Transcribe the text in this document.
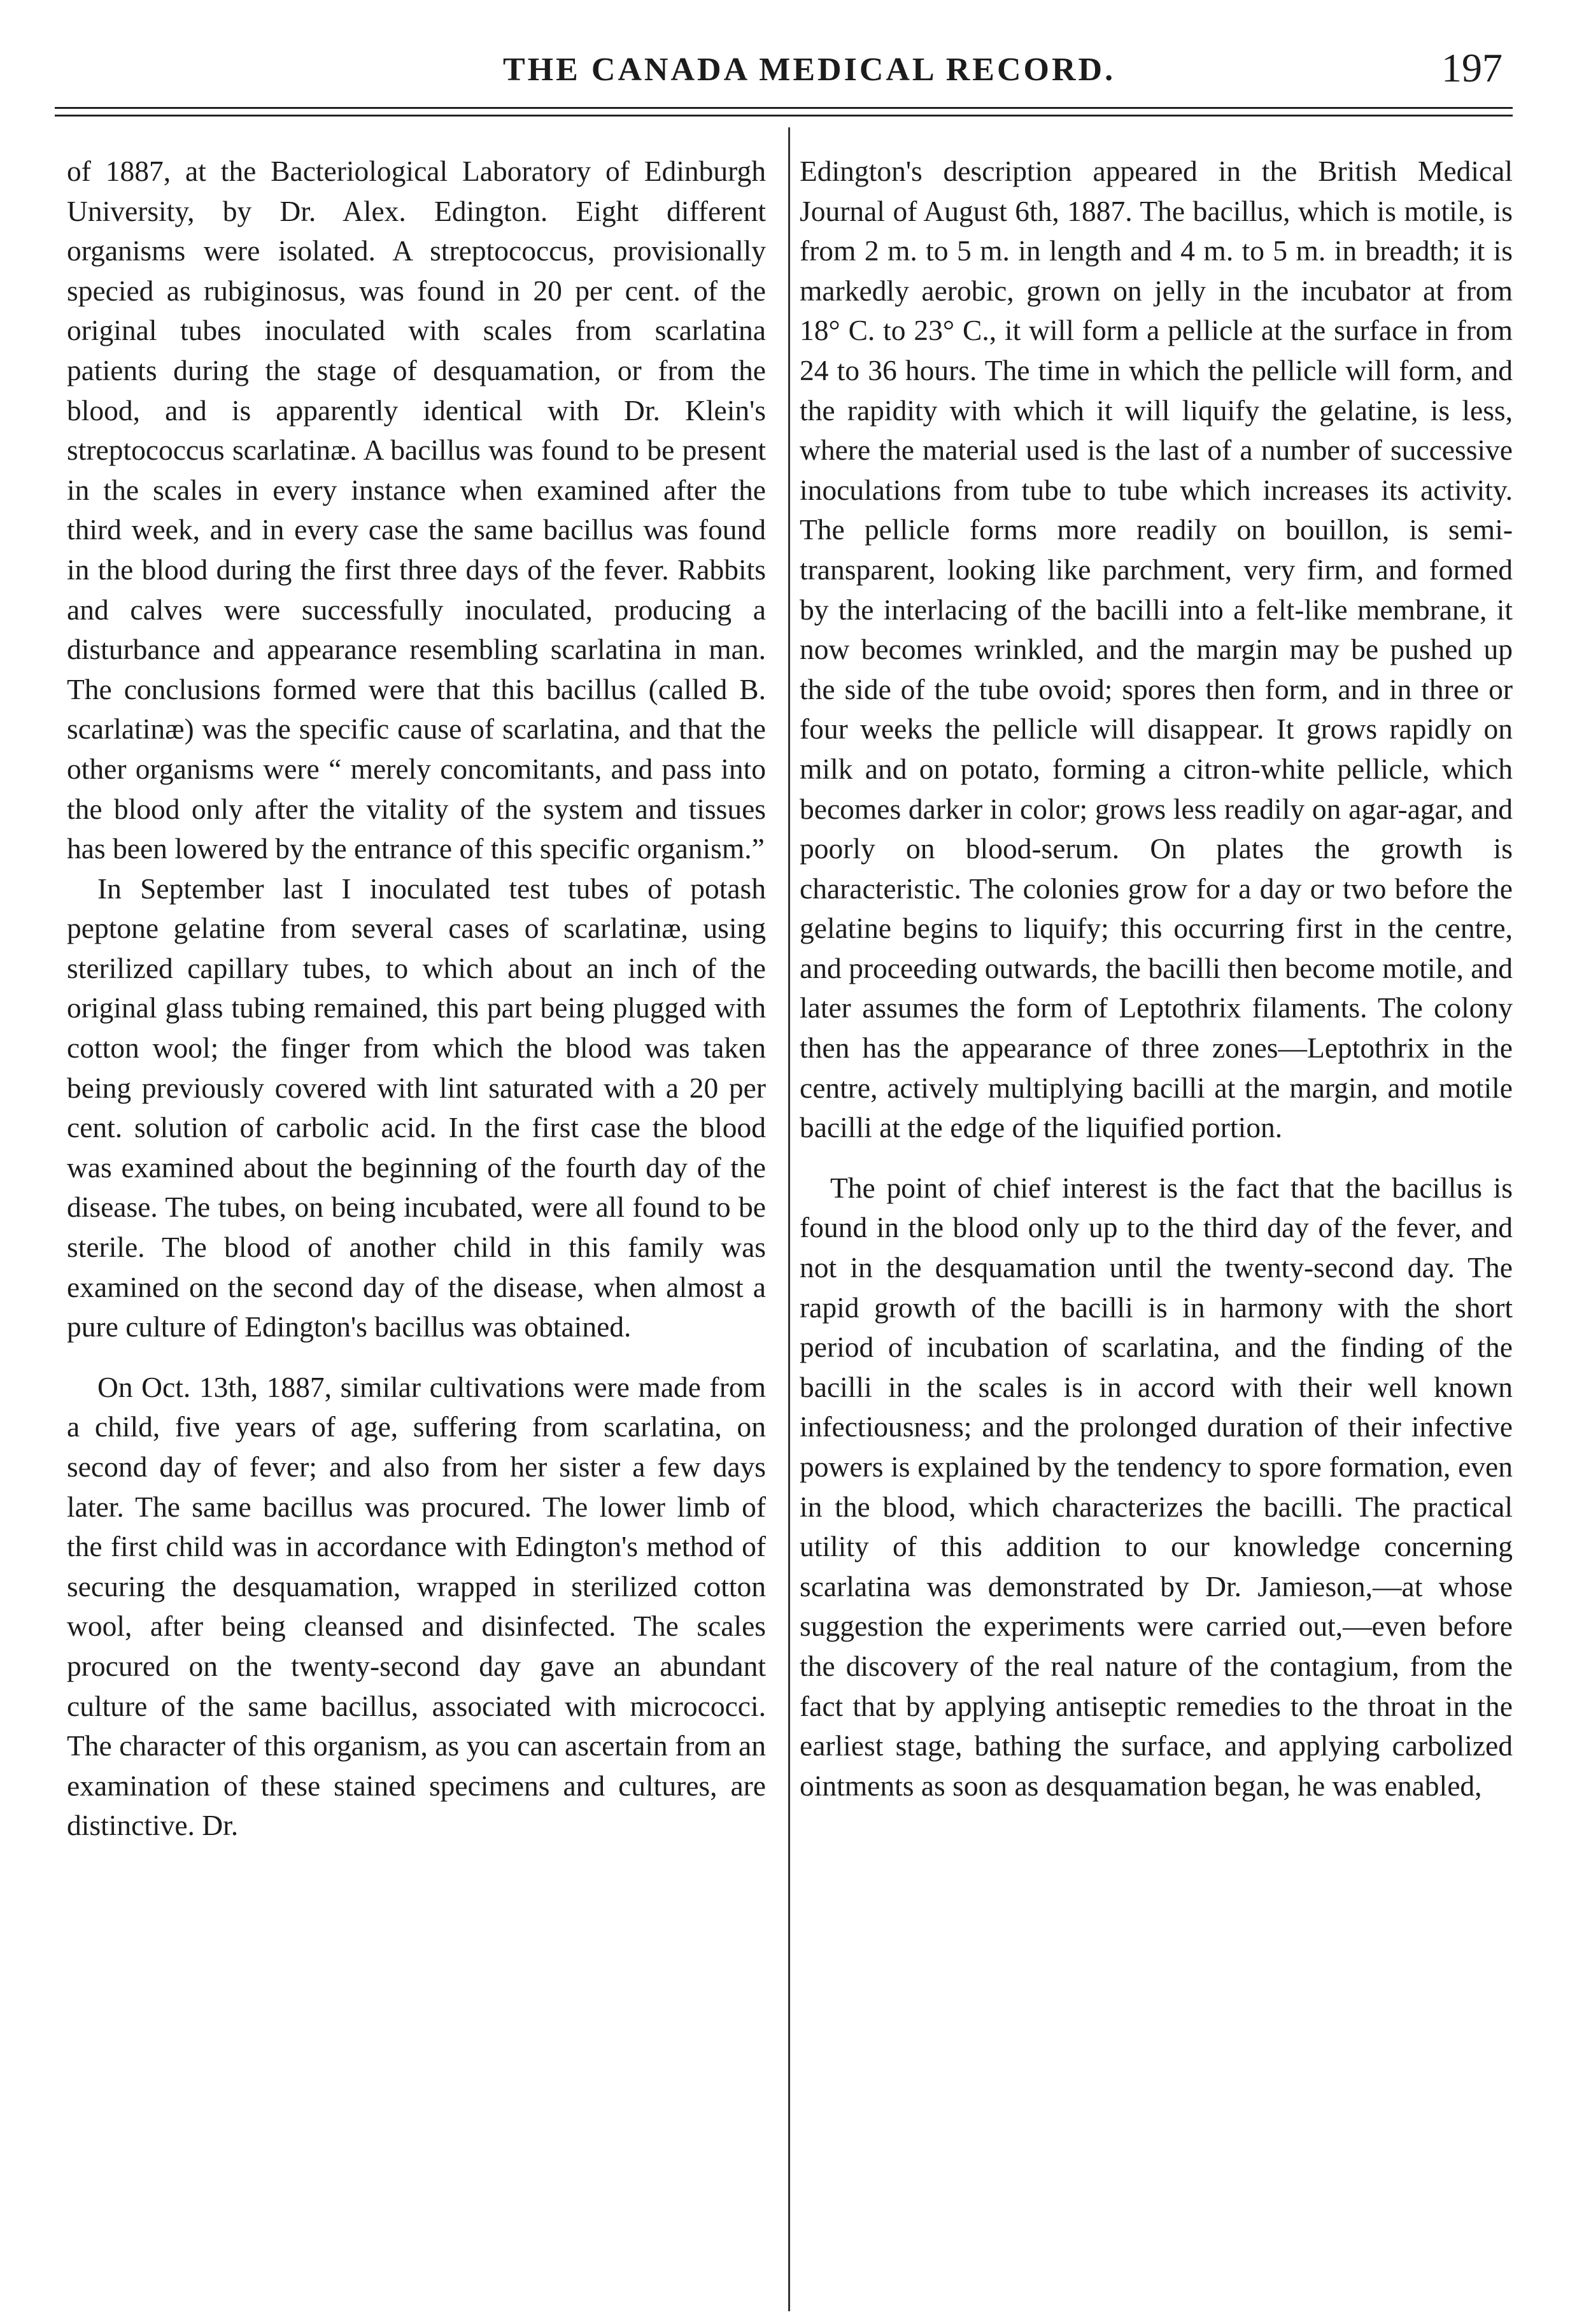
THE CANADA MEDICAL RECORD.	197

of 1887, at the Bacteriological Laboratory of Edinburgh University, by Dr. Alex. Edington. Eight different organisms were isolated. A streptococcus, provisionally specied as rubiginosus, was found in 20 per cent. of the original tubes inoculated with scales from scarlatina patients during the stage of desquamation, or from the blood, and is apparently identical with Dr. Klein's streptococcus scarlatinæ. A bacillus was found to be present in the scales in every instance when examined after the third week, and in every case the same bacillus was found in the blood during the first three days of the fever. Rabbits and calves were successfully inoculated, producing a disturbance and appearance resembling scarlatina in man. The conclusions formed were that this bacillus (called B. scarlatinæ) was the specific cause of scarlatina, and that the other organisms were “ merely concomitants, and pass into the blood only after the vitality of the system and tissues has been lowered by the entrance of this specific organism.”

In September last I inoculated test tubes of potash peptone gelatine from several cases of scarlatinæ, using sterilized capillary tubes, to which about an inch of the original glass tubing remained, this part being plugged with cotton wool; the finger from which the blood was taken being previously covered with lint saturated with a 20 per cent. solution of carbolic acid. In the first case the blood was examined about the beginning of the fourth day of the disease. The tubes, on being incubated, were all found to be sterile. The blood of another child in this family was examined on the second day of the disease, when almost a pure culture of Edington's bacillus was obtained.

On Oct. 13th, 1887, similar cultivations were made from a child, five years of age, suffering from scarlatina, on second day of fever; and also from her sister a few days later. The same bacillus was procured. The lower limb of the first child was in accordance with Edington's method of securing the desquamation, wrapped in sterilized cotton wool, after being cleansed and disinfected. The scales procured on the twenty-second day gave an abundant culture of the same bacillus, associated with micrococci. The character of this organism, as you can ascertain from an examination of these stained specimens and cultures, are distinctive. Dr.

Edington's description appeared in the British Medical Journal of August 6th, 1887. The bacillus, which is motile, is from 2 m. to 5 m. in length and 4 m. to 5 m. in breadth; it is markedly aerobic, grown on jelly in the incubator at from 18° C. to 23° C., it will form a pellicle at the surface in from 24 to 36 hours. The time in which the pellicle will form, and the rapidity with which it will liquify the gelatine, is less, where the material used is the last of a number of successive inoculations from tube to tube which increases its activity. The pellicle forms more readily on bouillon, is semi-transparent, looking like parchment, very firm, and formed by the interlacing of the bacilli into a felt-like membrane, it now becomes wrinkled, and the margin may be pushed up the side of the tube ovoid; spores then form, and in three or four weeks the pellicle will disappear. It grows rapidly on milk and on potato, forming a citron-white pellicle, which becomes darker in color; grows less readily on agar-agar, and poorly on blood-serum. On plates the growth is characteristic. The colonies grow for a day or two before the gelatine begins to liquify; this occurring first in the centre, and proceeding outwards, the bacilli then become motile, and later assumes the form of Leptothrix filaments. The colony then has the appearance of three zones—Leptothrix in the centre, actively multiplying bacilli at the margin, and motile bacilli at the edge of the liquified portion.

The point of chief interest is the fact that the bacillus is found in the blood only up to the third day of the fever, and not in the desquamation until the twenty-second day. The rapid growth of the bacilli is in harmony with the short period of incubation of scarlatina, and the finding of the bacilli in the scales is in accord with their well known infectiousness; and the prolonged duration of their infective powers is explained by the tendency to spore formation, even in the blood, which characterizes the bacilli. The practical utility of this addition to our knowledge concerning scarlatina was demonstrated by Dr. Jamieson,—at whose suggestion the experiments were carried out,—even before the discovery of the real nature of the contagium, from the fact that by applying antiseptic remedies to the throat in the earliest stage, bathing the surface, and applying carbolized ointments as soon as desquamation began, he was enabled,
